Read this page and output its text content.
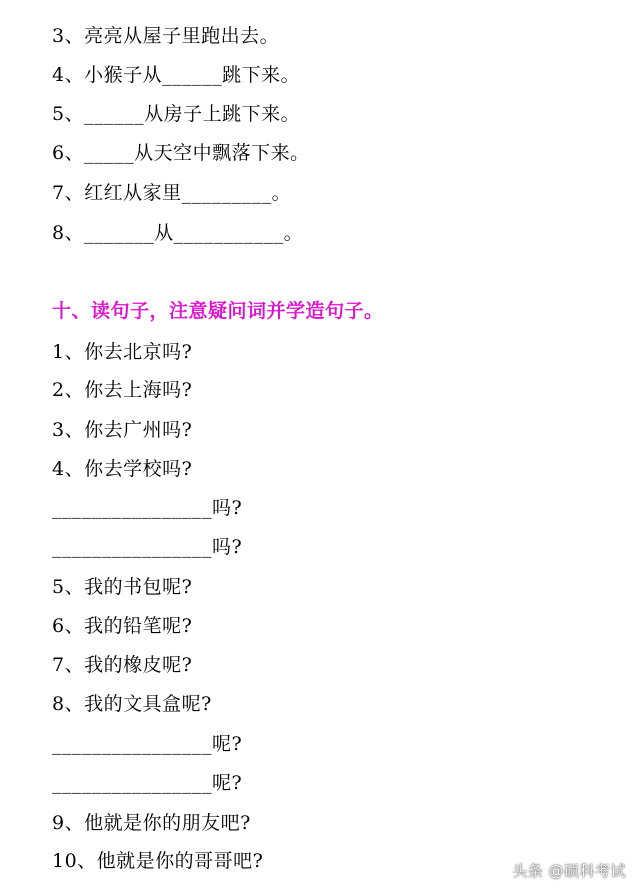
3、亮亮从屋子里跑出去。
4、小猴子从______跳下来。
5、______从房子上跳下来。
6、_____从天空中飘落下来。
7、红红从家里_________。
8、_______从___________。
十、读句子，注意疑问词并学造句子。
1、你去北京吗?
2、你去上海吗?
3、你去广州吗?
4、你去学校吗?
________________吗?
________________吗?
5、我的书包呢?
6、我的铅笔呢?
7、我的橡皮呢?
8、我的文具盒呢?
________________呢?
________________呢?
9、他就是你的朋友吧?
10、他就是你的哥哥吧?	头条 @硕科考试
